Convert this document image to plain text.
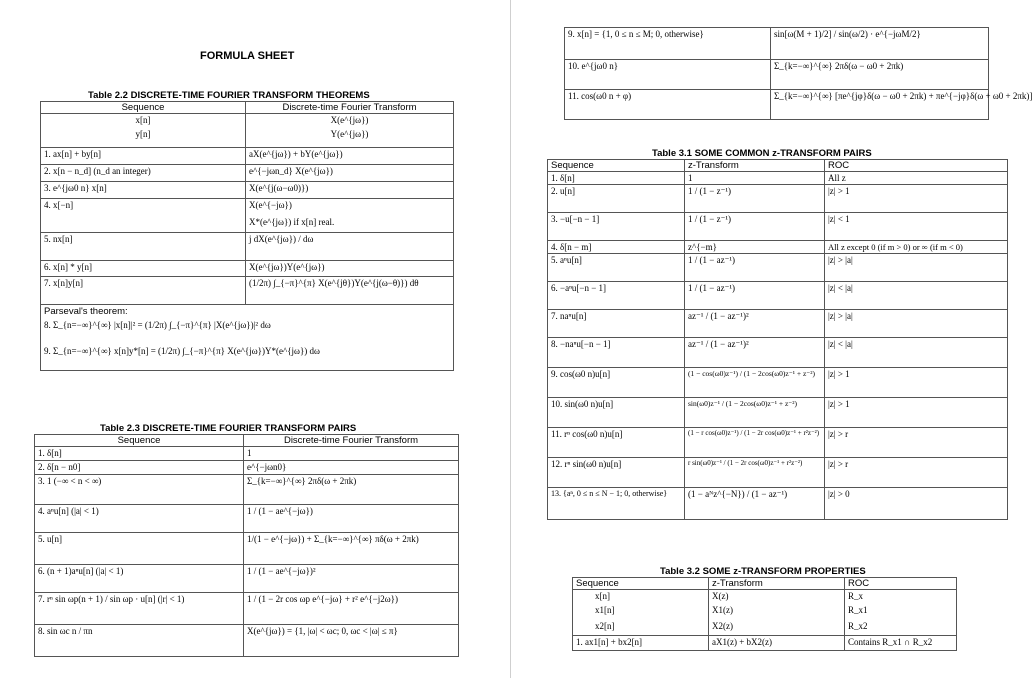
FORMULA SHEET
Table 2.2 DISCRETE-TIME FOURIER TRANSFORM THEOREMS
Sequence	Discrete-time Fourier Transform
x[n]	X(e^{jω})
y[n]	Y(e^{jω})
1. ax[n] + by[n]	aX(e^{jω}) + bY(e^{jω})
2. x[n − n_d] (n_d an integer)	e^{−jωn_d} X(e^{jω})
3. e^{jω0 n} x[n]	X(e^{j(ω−ω0)})
4. x[−n]	X(e^{−jω})
	X*(e^{jω}) if x[n] real.
5. nx[n]	j dX(e^{jω}) / dω
6. x[n] * y[n]	X(e^{jω})Y(e^{jω})
7. x[n]y[n]	(1/2π) ∫_{−π}^{π} X(e^{jθ})Y(e^{j(ω−θ)}) dθ
Parseval's theorem:	
8. Σ_{n=−∞}^{∞} |x[n]|² = (1/2π) ∫_{−π}^{π} |X(e^{jω})|² dω	
9. Σ_{n=−∞}^{∞} x[n]y*[n] = (1/2π) ∫_{−π}^{π} X(e^{jω})Y*(e^{jω}) dω	
Table 2.3 DISCRETE-TIME FOURIER TRANSFORM PAIRS
Sequence	Discrete-time Fourier Transform
1. δ[n]	1
2. δ[n − n0]	e^{−jωn0}
3. 1 (−∞ < n < ∞)	Σ_{k=−∞}^{∞} 2πδ(ω + 2πk)
4. aⁿu[n] (|a| < 1)	1 / (1 − ae^{−jω})
5. u[n]	1/(1 − e^{−jω}) + Σ_{k=−∞}^{∞} πδ(ω + 2πk)
6. (n + 1)aⁿu[n] (|a| < 1)	1 / (1 − ae^{−jω})²
7. rⁿ sin ωp(n + 1) / sin ωp · u[n] (|r| < 1)	1 / (1 − 2r cos ωp e^{−jω} + r² e^{−j2ω})
8. sin ωc n / πn	X(e^{jω}) = {1, |ω| < ωc; 0, ωc < |ω| ≤ π}
9. x[n] = {1, 0 ≤ n ≤ M; 0, otherwise}	sin[ω(M + 1)/2] / sin(ω/2) · e^{−jωM/2}
10. e^{jω0 n}	Σ_{k=−∞}^{∞} 2πδ(ω − ω0 + 2πk)
11. cos(ω0 n + φ)	Σ_{k=−∞}^{∞} [πe^{jφ}δ(ω − ω0 + 2πk) + πe^{−jφ}δ(ω + ω0 + 2πk)]
Table 3.1 SOME COMMON z-TRANSFORM PAIRS
Sequence	z-Transform	ROC
1. δ[n]	1	All z
2. u[n]	1 / (1 − z⁻¹)	|z| > 1
3. −u[−n − 1]	1 / (1 − z⁻¹)	|z| < 1
4. δ[n − m]	z^{−m}	All z except 0 (if m > 0) or ∞ (if m < 0)
5. aⁿu[n]	1 / (1 − az⁻¹)	|z| > |a|
6. −aⁿu[−n − 1]	1 / (1 − az⁻¹)	|z| < |a|
7. naⁿu[n]	az⁻¹ / (1 − az⁻¹)²	|z| > |a|
8. −naⁿu[−n − 1]	az⁻¹ / (1 − az⁻¹)²	|z| < |a|
9. cos(ω0 n)u[n]	(1 − cos(ω0)z⁻¹) / (1 − 2cos(ω0)z⁻¹ + z⁻²)	|z| > 1
10. sin(ω0 n)u[n]	sin(ω0)z⁻¹ / (1 − 2cos(ω0)z⁻¹ + z⁻²)	|z| > 1
11. rⁿ cos(ω0 n)u[n]	(1 − r cos(ω0)z⁻¹) / (1 − 2r cos(ω0)z⁻¹ + r²z⁻²)	|z| > r
12. rⁿ sin(ω0 n)u[n]	r sin(ω0)z⁻¹ / (1 − 2r cos(ω0)z⁻¹ + r²z⁻²)	|z| > r
13. {aⁿ, 0 ≤ n ≤ N − 1; 0, otherwise}	(1 − aᴺz^{−N}) / (1 − az⁻¹)	|z| > 0
Table 3.2 SOME z-TRANSFORM PROPERTIES
Sequence	z-Transform	ROC
x[n]	X(z)	R_x
x1[n]	X1(z)	R_x1
x2[n]	X2(z)	R_x2
1. ax1[n] + bx2[n]	aX1(z) + bX2(z)	Contains R_x1 ∩ R_x2
